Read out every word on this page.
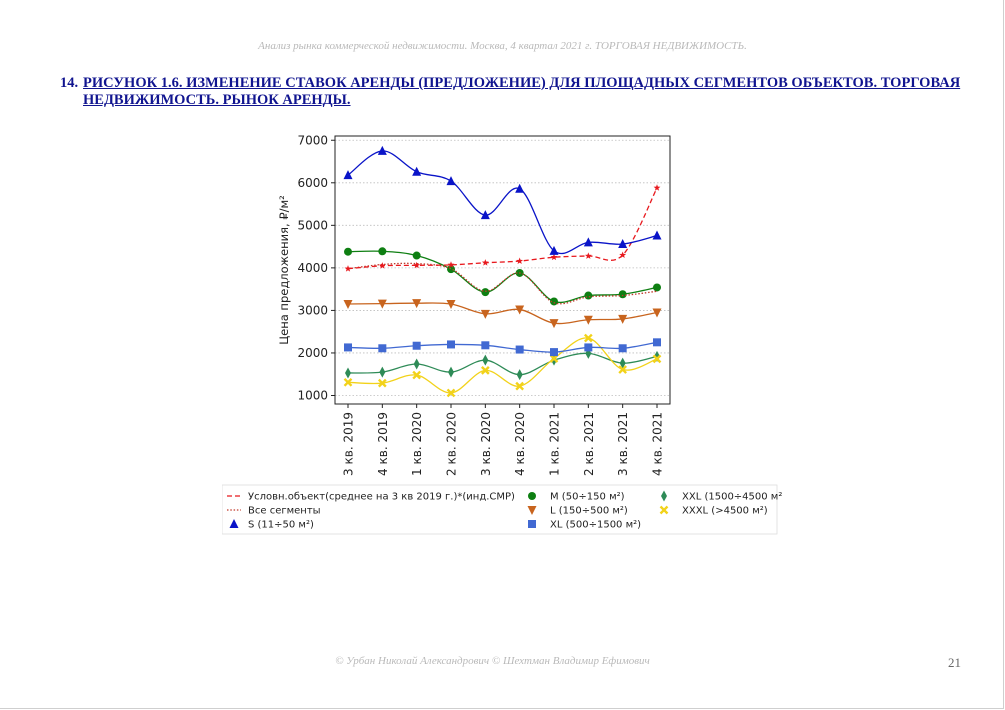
Анализ рынка коммерческой недвижимости. Москва, 4 квартал 2021 г. ТОРГОВАЯ НЕДВИЖИМОСТЬ.
14. РИСУНОК 1.6. ИЗМЕНЕНИЕ СТАВОК АРЕНДЫ (ПРЕДЛОЖЕНИЕ) ДЛЯ ПЛОЩАДНЫХ СЕГМЕНТОВ ОБЪЕКТОВ. ТОРГОВАЯ НЕДВИЖИМОСТЬ. РЫНОК АРЕНДЫ.
1000
2000
3000
4000
5000
6000
7000
3 кв. 2019 4 кв. 2019 1 кв. 2020 2 кв. 2020 3 кв. 2020 4 кв. 2020 1 кв. 2021 2 кв. 2021 3 кв. 2021 4 кв. 2021
Цена предложения, ₽/м²
Условн.объект(среднее на 3 кв 2019 г.)*(инд.СМР)
Все сегменты
S (11÷50 м²)
M (50÷150 м²)
L (150÷500 м²)
XL (500÷1500 м²)
XXL (1500÷4500 м²
XXXL (>4500 м²)
© Урбан Николай Александрович © Шехтман Владимир Ефимович	21
